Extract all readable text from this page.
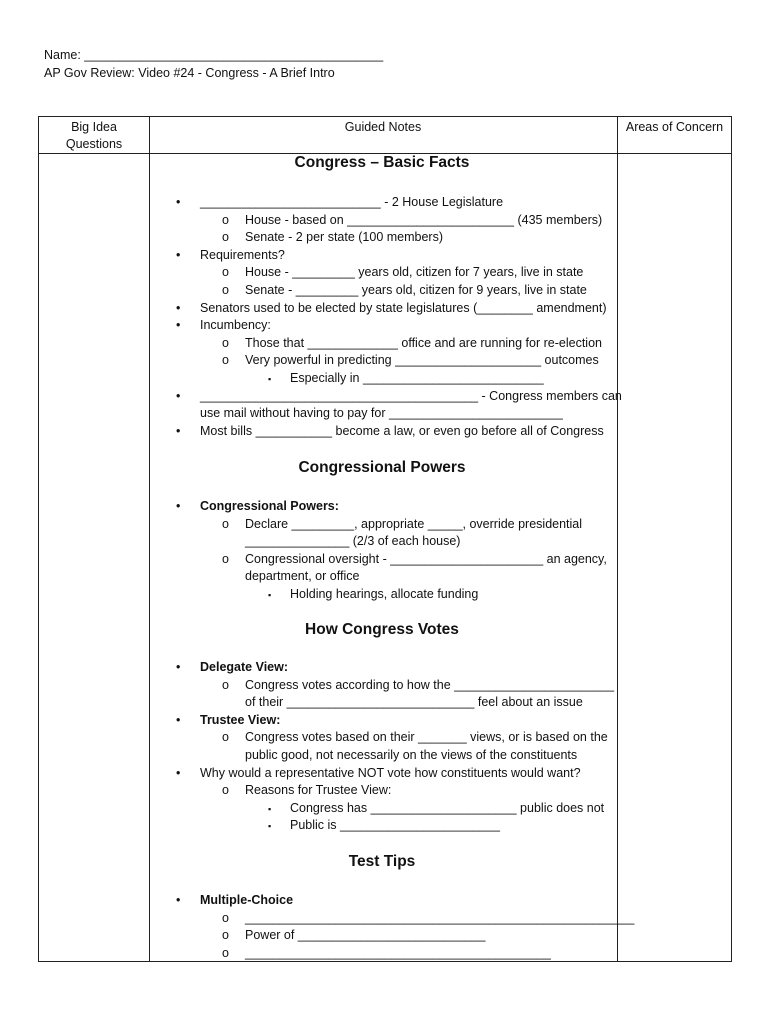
Name: ___________________________________________
AP Gov Review: Video #24 - Congress - A Brief Intro
Big Idea
Questions
Guided Notes	Areas of Concern
Congress – Basic Facts
• __________________________ - 2 House Legislature
o House - based on ________________________ (435 members)
o Senate - 2 per state (100 members)
• Requirements?
o House - _________ years old, citizen for 7 years, live in state
o Senate - _________ years old, citizen for 9 years, live in state
• Senators used to be elected by state legislatures (________ amendment)
• Incumbency:
o Those that _____________ office and are running for re-election
o Very powerful in predicting _____________________ outcomes
▪ Especially in __________________________
• ________________________________________ - Congress members can
use mail without having to pay for _________________________
• Most bills ___________ become a law, or even go before all of Congress
Congressional Powers
• Congressional Powers:
o Declare _________, appropriate _____, override presidential
_______________ (2/3 of each house)
o Congressional oversight - ______________________ an agency,
department, or office
▪ Holding hearings, allocate funding
How Congress Votes
• Delegate View:
o Congress votes according to how the _______________________
of their ___________________________ feel about an issue
• Trustee View:
o Congress votes based on their _______ views, or is based on the
public good, not necessarily on the views of the constituents
• Why would a representative NOT vote how constituents would want?
o Reasons for Trustee View:
▪ Congress has _____________________ public does not
▪ Public is _______________________
Test Tips
• Multiple-Choice
o ________________________________________________________
o Power of ___________________________
o ____________________________________________
